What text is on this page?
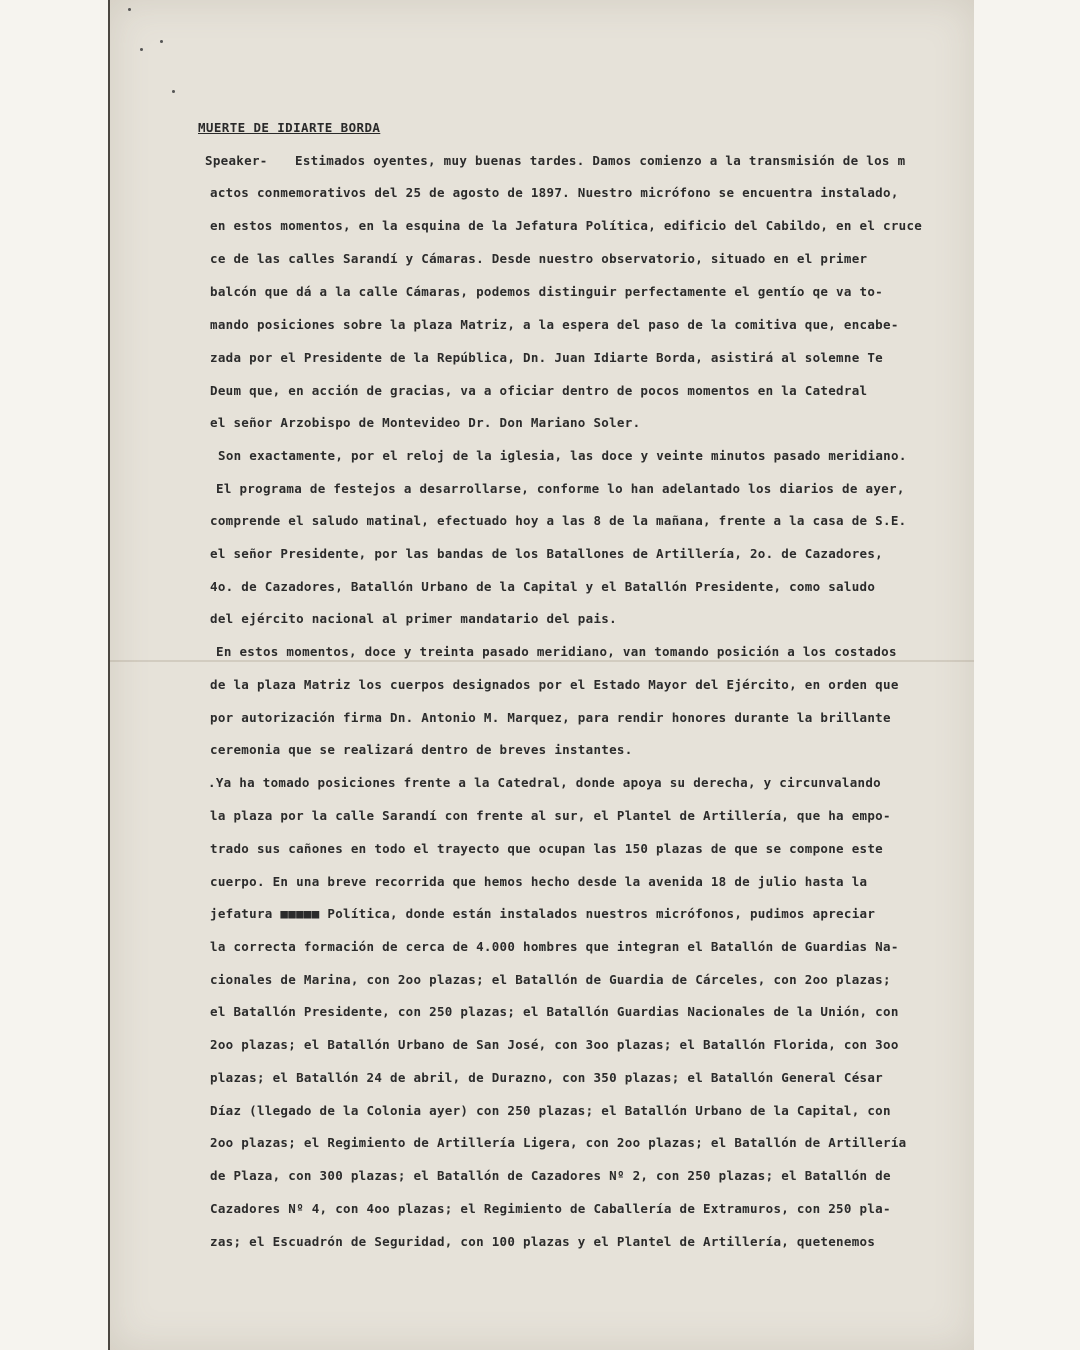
MUERTE DE IDIARTE BORDA
Speaker- Estimados oyentes, muy buenas tardes. Damos comienzo a la transmisión de los m
actos conmemorativos del 25 de agosto de 1897. Nuestro micrófono se encuentra instalado,
en estos momentos, en la esquina de la Jefatura Política, edificio del Cabildo, en el cruce
ce de las calles Sarandí y Cámaras. Desde nuestro observatorio, situado en el primer
balcón que dá a la calle Cámaras, podemos distinguir perfectamente el gentío qe va to-
mando posiciones sobre la plaza Matriz, a la espera del paso de la comitiva que, encabe-
zada por el Presidente de la República, Dn. Juan Idiarte Borda, asistirá al solemne Te
Deum que, en acción de gracias, va a oficiar dentro de pocos momentos en la Catedral
el señor Arzobispo de Montevideo Dr. Don Mariano Soler.
Son exactamente, por el reloj de la iglesia, las doce y veinte minutos pasado meridiano.
El programa de festejos a desarrollarse, conforme lo han adelantado los diarios de ayer,
comprende el saludo matinal, efectuado hoy a las 8 de la mañana, frente a la casa de S.E.
el señor Presidente, por las bandas de los Batallones de Artillería, 2o. de Cazadores,
4o. de Cazadores, Batallón Urbano de la Capital y el Batallón Presidente, como saludo
del ejército nacional al primer mandatario del pais.
En estos momentos, doce y treinta pasado meridiano, van tomando posición a los costados
de la plaza Matriz los cuerpos designados por el Estado Mayor del Ejército, en orden que
por autorización firma Dn. Antonio M. Marquez, para rendir honores durante la brillante
ceremonia que se realizará dentro de breves instantes.
.Ya ha tomado posiciones frente a la Catedral, donde apoya su derecha, y circunvalando
la plaza por la calle Sarandí con frente al sur, el Plantel de Artillería, que ha empo-
trado sus cañones en todo el trayecto que ocupan las 150 plazas de que se compone este
cuerpo. En una breve recorrida que hemos hecho desde la avenida 18 de julio hasta la
jefatura ■■■■■ Política, donde están instalados nuestros micrófonos, pudimos apreciar
la correcta formación de cerca de 4.000 hombres que integran el Batallón de Guardias Na-
cionales de Marina, con 2oo plazas; el Batallón de Guardia de Cárceles, con 2oo plazas;
el Batallón Presidente, con 250 plazas; el Batallón Guardias Nacionales de la Unión, con
2oo plazas; el Batallón Urbano de San José, con 3oo plazas; el Batallón Florida, con 3oo
plazas; el Batallón 24 de abril, de Durazno, con 350 plazas; el Batallón General César
Díaz (llegado de la Colonia ayer) con 250 plazas; el Batallón Urbano de la Capital, con
2oo plazas; el Regimiento de Artillería Ligera, con 2oo plazas; el Batallón de Artillería
de Plaza, con 300 plazas; el Batallón de Cazadores Nº 2, con 250 plazas; el Batallón de
Cazadores Nº 4, con 4oo plazas; el Regimiento de Caballería de Extramuros, con 250 pla-
zas; el Escuadrón de Seguridad, con 100 plazas y el Plantel de Artillería, quetenemos
